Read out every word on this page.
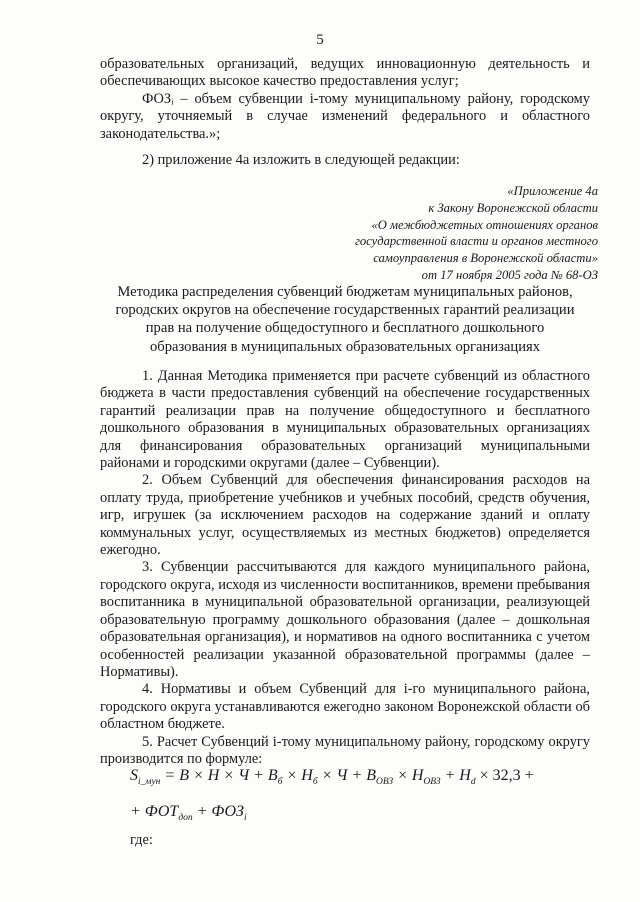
5

образовательных организаций, ведущих инновационную деятельность и обеспечивающих высокое качество предоставления услуг;

ФОЗᵢ – объем субвенции i-тому муниципальному району, городскому округу, уточняемый в случае изменений федерального и областного законодательства.»;

2) приложение 4а изложить в следующей редакции:

«Приложение 4а
к Закону Воронежской области
«О межбюджетных отношениях органов
государственной власти и органов местного
самоуправления в Воронежской области»
от 17 ноября 2005 года № 68-ОЗ
Методика распределения субвенций бюджетам муниципальных районов,
городских округов на обеспечение государственных гарантий реализации
прав на получение общедоступного и бесплатного дошкольного
образования в муниципальных образовательных организациях

1. Данная Методика применяется при расчете субвенций из областного бюджета в части предоставления субвенций на обеспечение государственных гарантий реализации прав на получение общедоступного и бесплатного дошкольного образования в муниципальных образовательных организациях для финансирования образовательных организаций муниципальными районами и городскими округами (далее – Субвенции).

2. Объем Субвенций для обеспечения финансирования расходов на оплату труда, приобретение учебников и учебных пособий, средств обучения, игр, игрушек (за исключением расходов на содержание зданий и оплату коммунальных услуг, осуществляемых из местных бюджетов) определяется ежегодно.

3. Субвенции рассчитываются для каждого муниципального района, городского округа, исходя из численности воспитанников, времени пребывания воспитанника в муниципальной образовательной организации, реализующей образовательную программу дошкольного образования (далее – дошкольная образовательная организация), и нормативов на одного воспитанника с учетом особенностей реализации указанной образовательной программы (далее – Нормативы).

4. Нормативы и объем Субвенций для i-го муниципального района, городского округа устанавливаются ежегодно законом Воронежской области об областном бюджете.

5. Расчет Субвенций i-тому муниципальному району, городскому округу производится по формуле:

$S_{i\_мун} = В \times Н \times Ч + В_б \times Н_б \times Ч + В_{ОВЗ} \times Н_{ОВЗ} + Н_d \times 32,3$ +
+ $ФОТ_{доп} + ФОЗ_i$
где:
